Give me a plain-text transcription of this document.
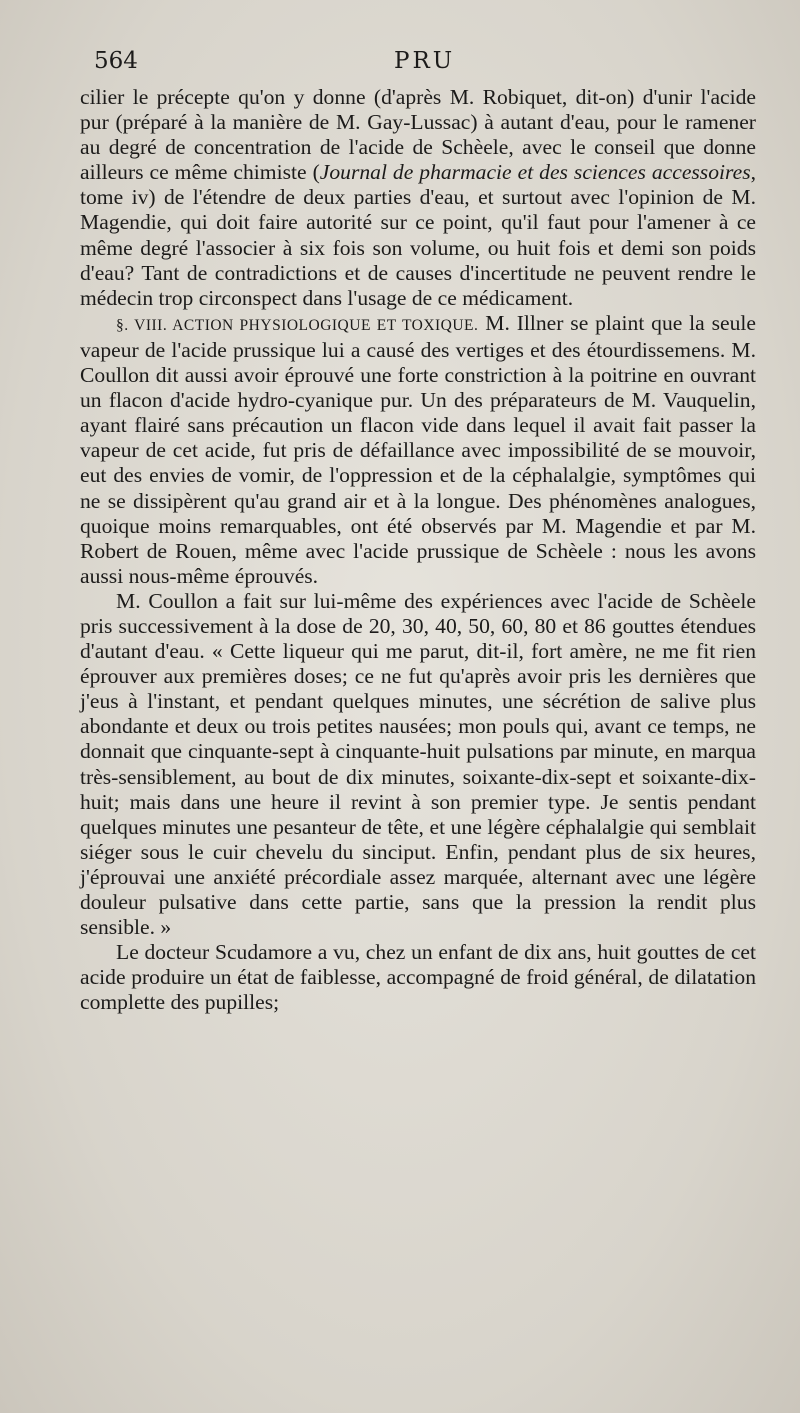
564	PRU

cilier le précepte qu'on y donne (d'après M. Robiquet, dit-on) d'unir l'acide pur (préparé à la manière de M. Gay-Lussac) à autant d'eau, pour le ramener au degré de concentration de l'acide de Schèele, avec le conseil que donne ailleurs ce même chimiste (Journal de pharmacie et des sciences accessoires, tome iv) de l'étendre de deux parties d'eau, et surtout avec l'opinion de M. Magendie, qui doit faire autorité sur ce point, qu'il faut pour l'amener à ce même degré l'associer à six fois son volume, ou huit fois et demi son poids d'eau? Tant de contradictions et de causes d'incertitude ne peuvent rendre le médecin trop circonspect dans l'usage de ce médicament.

§. VIII. ACTION PHYSIOLOGIQUE ET TOXIQUE. M. Illner se plaint que la seule vapeur de l'acide prussique lui a causé des vertiges et des étourdissemens. M. Coullon dit aussi avoir éprouvé une forte constriction à la poitrine en ouvrant un flacon d'acide hydro-cyanique pur. Un des préparateurs de M. Vauquelin, ayant flairé sans précaution un flacon vide dans lequel il avait fait passer la vapeur de cet acide, fut pris de défaillance avec impossibilité de se mouvoir, eut des envies de vomir, de l'oppression et de la céphalalgie, symptômes qui ne se dissipèrent qu'au grand air et à la longue. Des phénomènes analogues, quoique moins remarquables, ont été observés par M. Magendie et par M. Robert de Rouen, même avec l'acide prussique de Schèele : nous les avons aussi nous-même éprouvés.

M. Coullon a fait sur lui-même des expériences avec l'acide de Schèele pris successivement à la dose de 20, 30, 40, 50, 60, 80 et 86 gouttes étendues d'autant d'eau. « Cette liqueur qui me parut, dit-il, fort amère, ne me fit rien éprouver aux premières doses; ce ne fut qu'après avoir pris les dernières que j'eus à l'instant, et pendant quelques minutes, une sécrétion de salive plus abondante et deux ou trois petites nausées; mon pouls qui, avant ce temps, ne donnait que cinquante-sept à cinquante-huit pulsations par minute, en marqua très-sensiblement, au bout de dix minutes, soixante-dix-sept et soixante-dix-huit; mais dans une heure il revint à son premier type. Je sentis pendant quelques minutes une pesanteur de tête, et une légère céphalalgie qui semblait siéger sous le cuir chevelu du sinciput. Enfin, pendant plus de six heures, j'éprouvai une anxiété précordiale assez marquée, alternant avec une légère douleur pulsative dans cette partie, sans que la pression la rendit plus sensible. »

Le docteur Scudamore a vu, chez un enfant de dix ans, huit gouttes de cet acide produire un état de faiblesse, accompagné de froid général, de dilatation complette des pupilles;
